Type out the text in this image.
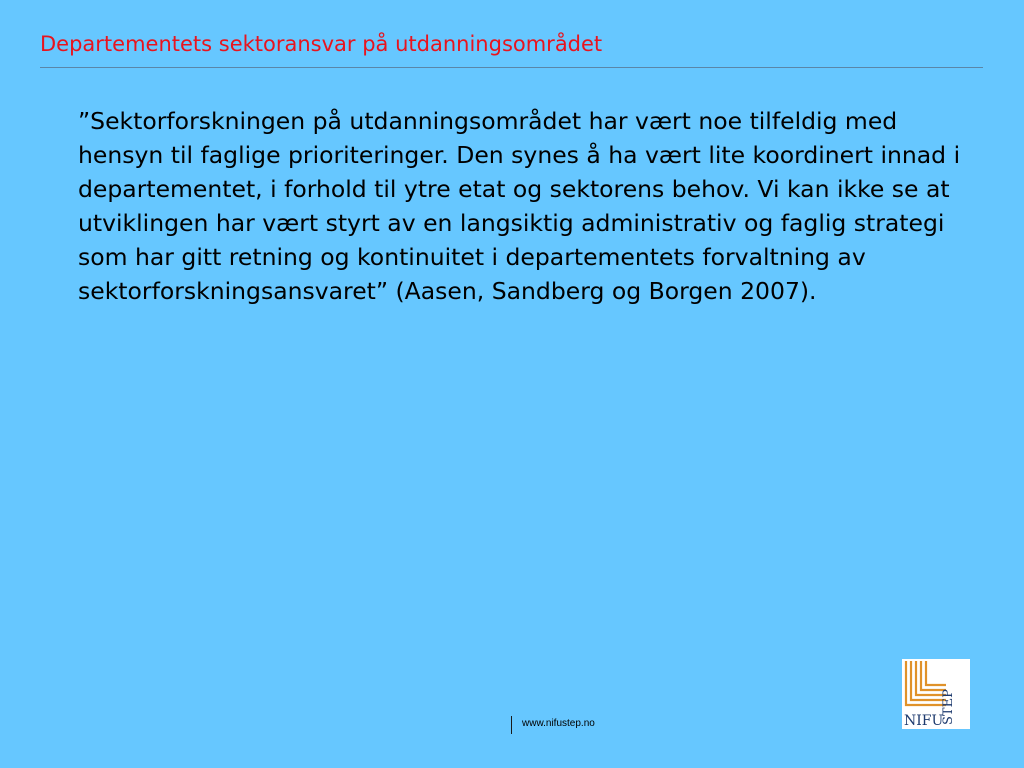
Departementets sektoransvar på utdanningsområdet

”Sektorforskningen på utdanningsområdet har vært noe tilfeldig med hensyn til faglige prioriteringer. Den synes å ha vært lite koordinert innad i departementet, i forhold til ytre etat og sektorens behov. Vi kan ikke se at utviklingen har vært styrt av en langsiktig administrativ og faglig strategi som har gitt retning og kontinuitet i departementets forvaltning av sektorforskningsansvaret” (Aasen, Sandberg og Borgen 2007).

www.nifustep.no	NIFU
STEP
